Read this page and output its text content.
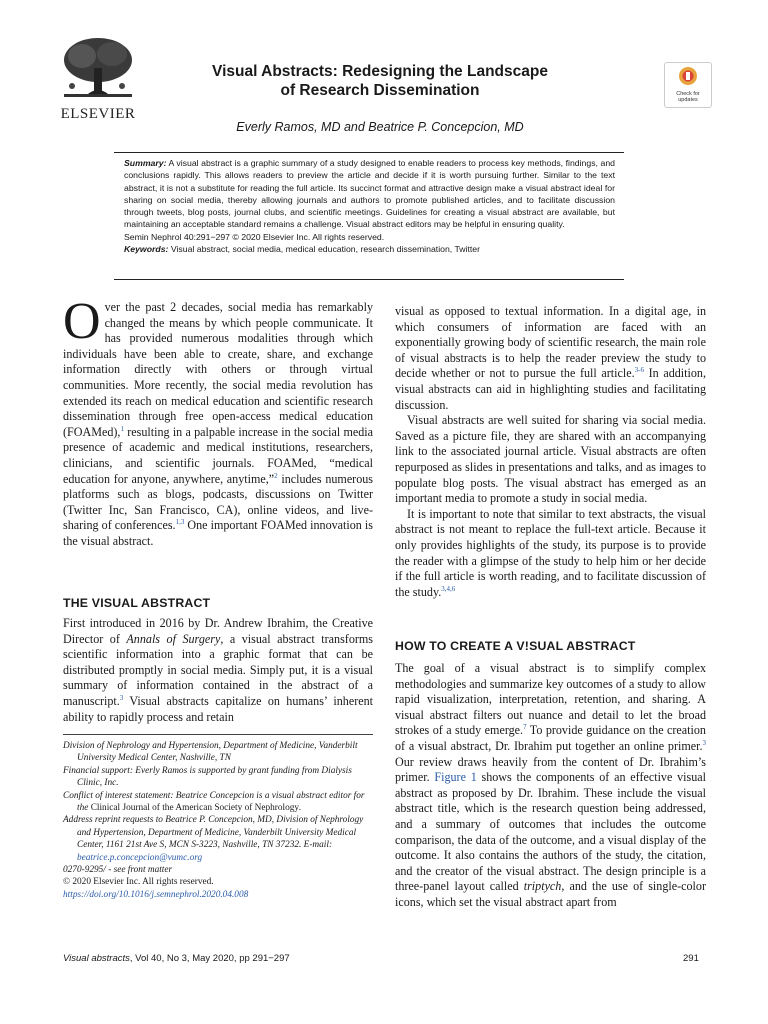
ELSEVIER
Visual Abstracts: Redesigning the Landscape
of Research Dissemination
Everly Ramos, MD and Beatrice P. Concepcion, MD
Check for
updates

Summary: A visual abstract is a graphic summary of a study designed to enable readers to process key methods, findings, and conclusions rapidly. This allows readers to preview the article and decide if it is worth pursuing further. Similar to the text abstract, it is not a substitute for reading the full article. Its succinct format and attractive design make a visual abstract ideal for sharing on social media, thereby allowing journals and authors to promote published articles, and to facilitate discussion through tweets, blog posts, journal clubs, and scientific meetings. Guidelines for creating a visual abstract are available, but maintaining an acceptable standard remains a challenge. Visual abstract editors may be helpful in ensuring quality.

Semin Nephrol 40:291−297 © 2020 Elsevier Inc. All rights reserved.

Keywords: Visual abstract, social media, medical education, research dissemination, Twitter

Over the past 2 decades, social media has remarkably changed the means by which people communicate. It has provided numerous modalities through which individuals have been able to create, share, and exchange information directly with others or through virtual communities. More recently, the social media revolution has extended its reach on medical education and scientific research dissemination through free open-access medical education (FOAMed),$^1$ resulting in a palpable increase in the social media presence of academic and medical institutions, researchers, clinicians, and scientific journals. FOAMed, “medical education for anyone, anywhere, anytime,”$^2$ includes numerous platforms such as blogs, podcasts, discussions on Twitter (Twitter Inc, San Francisco, CA), online videos, and live-sharing of conferences.$^{1,3}$ One important FOAMed innovation is the visual abstract.

THE VISUAL ABSTRACT

First introduced in 2016 by Dr. Andrew Ibrahim, the Creative Director of Annals of Surgery, a visual abstract transforms scientific information into a graphic format that can be distributed promptly in social media. Simply put, it is a visual summary of information contained in the abstract of a manuscript.$^3$ Visual abstracts capitalize on humans’ inherent ability to rapidly process and retain

Division of Nephrology and Hypertension, Department of Medicine, Vanderbilt University Medical Center, Nashville, TN

Financial support: Everly Ramos is supported by grant funding from Dialysis Clinic, Inc.

Conflict of interest statement: Beatrice Concepcion is a visual abstract editor for the Clinical Journal of the American Society of Nephrology.

Address reprint requests to Beatrice P. Concepcion, MD, Division of Nephrology and Hypertension, Department of Medicine, Vanderbilt University Medical Center, 1161 21st Ave S, MCN S-3223, Nashville, TN 37232. E-mail: beatrice.p.concepcion@vumc.org

0270-9295/ - see front matter

© 2020 Elsevier Inc. All rights reserved.

https://doi.org/10.1016/j.semnephrol.2020.04.008

visual as opposed to textual information. In a digital age, in which consumers of information are faced with an exponentially growing body of scientific research, the main role of visual abstracts is to help the reader preview the study to decide whether or not to pursue the full article.$^{3-6}$ In addition, visual abstracts can aid in highlighting studies and facilitating discussion.

Visual abstracts are well suited for sharing via social media. Saved as a picture file, they are shared with an accompanying link to the associated journal article. Visual abstracts are often repurposed as slides in presentations and talks, and as images to populate blog posts. The visual abstract has emerged as an important media to promote a study in social media.

It is important to note that similar to text abstracts, the visual abstract is not meant to replace the full-text article. Because it only provides highlights of the study, its purpose is to provide the reader with a glimpse of the study to help him or her decide if the full article is worth reading, and to facilitate discussion of the study.$^{3,4,6}$

HOW TO CREATE A V!SUAL ABSTRACT

The goal of a visual abstract is to simplify complex methodologies and summarize key outcomes of a study to allow rapid visualization, interpretation, retention, and sharing. A visual abstract filters out nuance and detail to let the broad strokes of a study emerge.$^7$ To provide guidance on the creation of a visual abstract, Dr. Ibrahim put together an online primer.$^3$ Our review draws heavily from the content of Dr. Ibrahim’s primer. Figure 1 shows the components of an effective visual abstract as proposed by Dr. Ibrahim. These include the visual abstract title, which is the research question being addressed, and a summary of outcomes that includes the outcome comparison, the data of the outcome, and a visual display of the outcome. It also contains the authors of the study, the citation, and the creator of the visual abstract. The design principle is a three-panel layout called triptych, and the use of single-color icons, which set the visual abstract apart from

Visual abstracts, Vol 40, No 3, May 2020, pp 291−297	291
